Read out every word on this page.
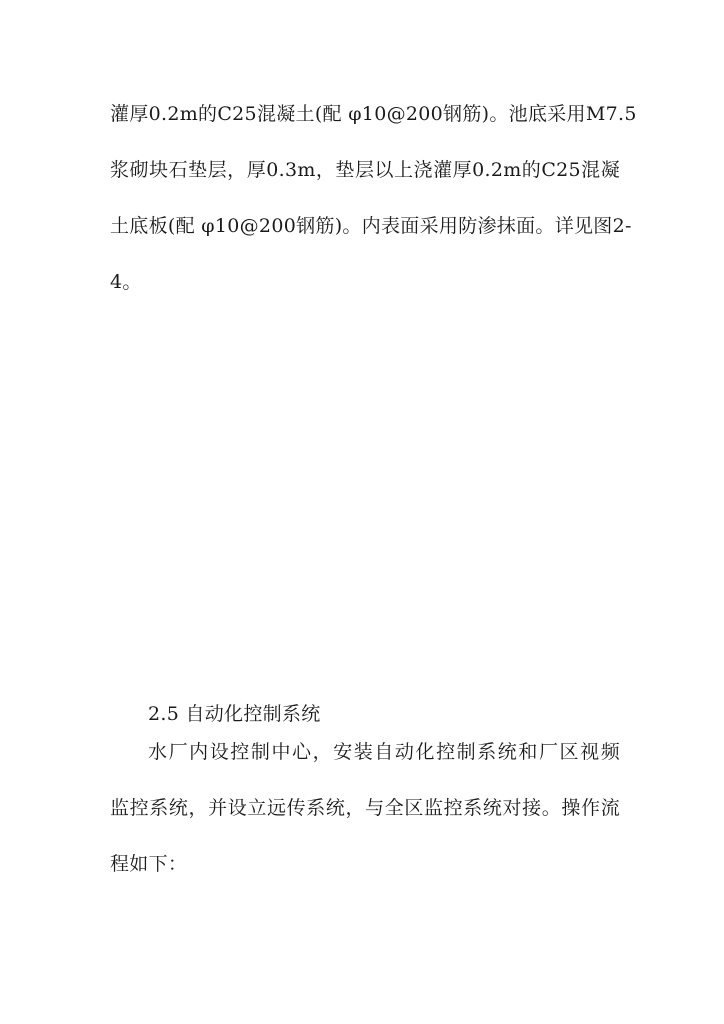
灌厚0.2m的C25混凝土(配 φ10@200钢筋)。池底采用M7.5
浆砌块石垫层，厚0.3m，垫层以上浇灌厚0.2m的C25混凝
土底板(配 φ10@200钢筋)。内表面采用防渗抹面。详见图2-
4。
2.5 自动化控制系统
水厂内设控制中心，安装自动化控制系统和厂区视频
监控系统，并设立远传系统，与全区监控系统对接。操作流
程如下：
